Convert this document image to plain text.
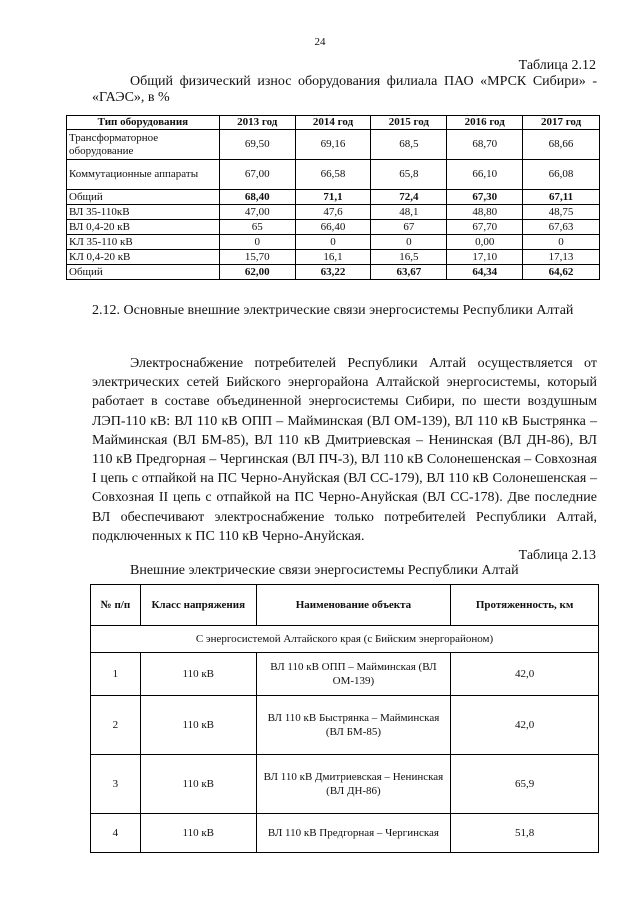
24
Таблица 2.12
Общий физический износ оборудования филиала ПАО «МРСК Сибири» - «ГАЭС», в %
Тип оборудования	2013 год	2014 год	2015 год	2016 год	2017 год
Трансформаторное оборудование	69,50	69,16	68,5	68,70	68,66
Коммутационные аппараты	67,00	66,58	65,8	66,10	66,08
Общий	68,40	71,1	72,4	67,30	67,11
ВЛ 35-110кВ	47,00	47,6	48,1	48,80	48,75
ВЛ 0,4-20 кВ	65	66,40	67	67,70	67,63
КЛ 35-110 кВ	0	0	0	0,00	0
КЛ 0,4-20 кВ	15,70	16,1	16,5	17,10	17,13
Общий	62,00	63,22	63,67	64,34	64,62
2.12. Основные внешние электрические связи энергосистемы Республики Алтай
Электроснабжение потребителей Республики Алтай осуществляется от электрических сетей Бийского энергорайона Алтайской энергосистемы, который работает в составе объединенной энергосистемы Сибири, по шести воздушным ЛЭП-110 кВ: ВЛ 110 кВ ОПП – Майминская (ВЛ ОМ-139), ВЛ 110 кВ Быстрянка – Майминская (ВЛ БМ-85), ВЛ 110 кВ Дмитриевская – Ненинская (ВЛ ДН-86), ВЛ 110 кВ Предгорная – Чергинская (ВЛ ПЧ-3), ВЛ 110 кВ Солонешенская – Совхозная I цепь с отпайкой на ПС Черно-Ануйская (ВЛ СС-179), ВЛ 110 кВ Солонешенская – Совхозная II цепь с отпайкой на ПС Черно-Ануйская (ВЛ СС-178). Две последние ВЛ обеспечивают электроснабжение только потребителей Республики Алтай, подключенных к ПС 110 кВ Черно-Ануйская.
Таблица 2.13
Внешние электрические связи энергосистемы Республики Алтай
№ п/п	Класс напряжения	Наименование объекта	Протяженность, км
С энергосистемой Алтайского края (с Бийским энергорайоном)			
1	110 кВ	ВЛ 110 кВ ОПП – Майминская (ВЛ ОМ-139)	42,0
2	110 кВ	ВЛ 110 кВ Быстрянка – Майминская (ВЛ БМ-85)	42,0
3	110 кВ	ВЛ 110 кВ Дмитриевская – Ненинская (ВЛ ДН-86)	65,9
4	110 кВ	ВЛ 110 кВ Предгорная – Чергинская	51,8
